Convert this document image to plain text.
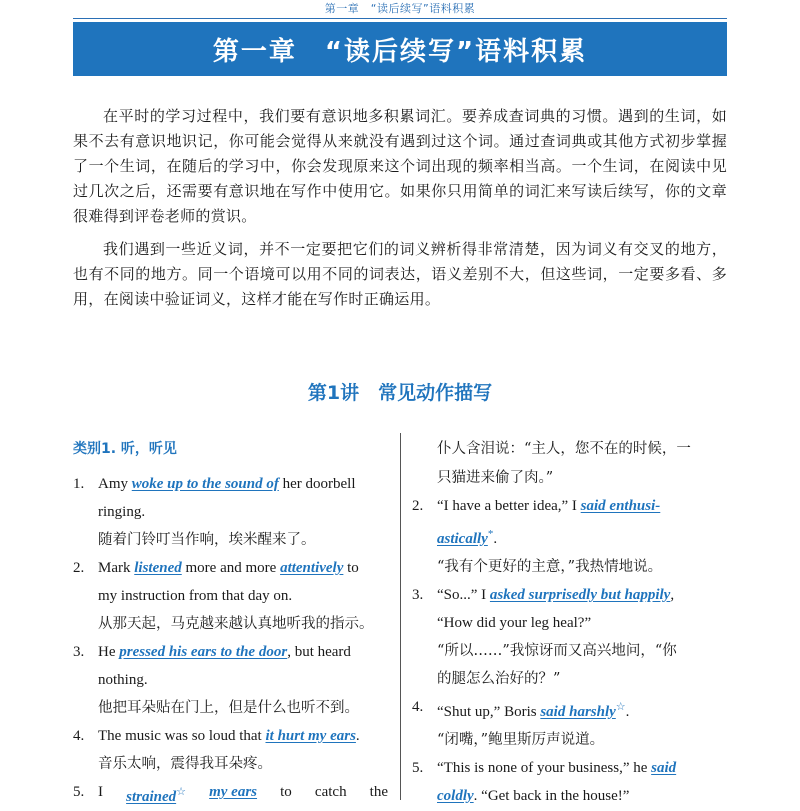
第一章　“读后续写”语料积累
第一章　“读后续写”语料积累

在平时的学习过程中，我们要有意识地多积累词汇。要养成查词典的习惯。遇到的生词，如果不去有意识地识记，你可能会觉得从来就没有遇到过这个词。通过查词典或其他方式初步掌握了一个生词，在随后的学习中，你会发现原来这个词出现的频率相当高。一个生词，在阅读中见过几次之后，还需要有意识地在写作中使用它。如果你只用简单的词汇来写读后续写，你的文章很难得到评卷老师的赏识。

我们遇到一些近义词，并不一定要把它们的词义辨析得非常清楚，因为词义有交叉的地方，也有不同的地方。同一个语境可以用不同的词表达，语义差别不大，但这些词，一定要多看、多用，在阅读中验证词义，这样才能在写作时正确运用。

第1讲　常见动作描写
类别1. 听，听见
1. Amy woke up to the sound of her doorbell
ringing.
随着门铃叮当作响，埃米醒来了。
2. Mark listened more and more attentively to
my instruction from that day on.
从那天起，马克越来越认真地听我的指示。
3. He pressed his ears to the door, but heard
nothing.
他把耳朵贴在门上，但是什么也听不到。
4. The music was so loud that it hurt my ears.
音乐太响，震得我耳朵疼。
5. I strained☆ my ears to catch the
仆人含泪说：“主人，您不在的时候，一
只猫进来偷了肉。”
2. “I have a better idea,” I said enthusi-
astically*.
“我有个更好的主意，”我热情地说。
3. “So...” I asked surprisedly but happily,
“How did your leg heal?”
“所以……”我惊讶而又高兴地问，“你
的腿怎么治好的？”
4. “Shut up,” Boris said harshly☆.
“闭嘴，”鲍里斯厉声说道。
5. “This is none of your business,” he said
coldly. “Get back in the house!”
